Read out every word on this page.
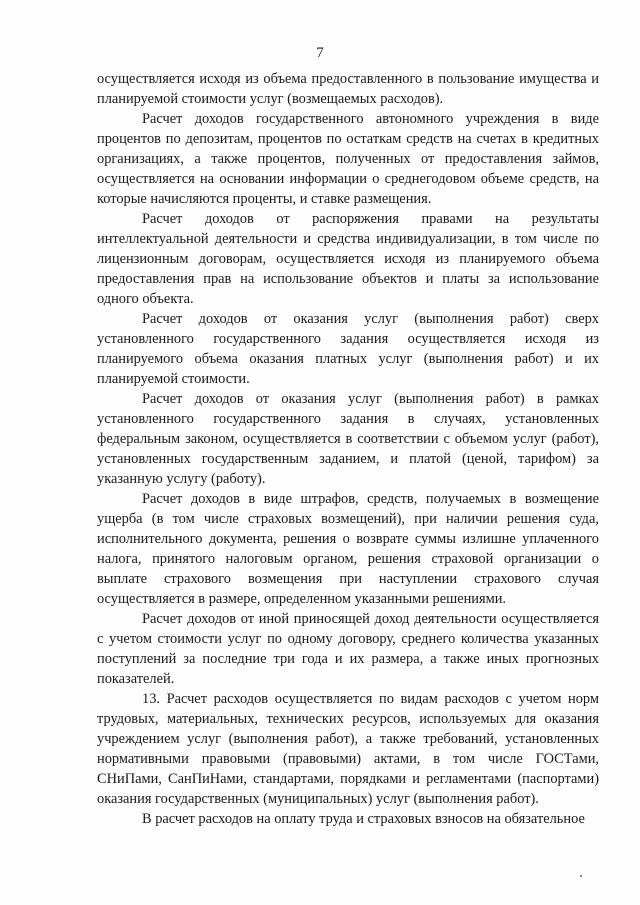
7

осуществляется исходя из объема предоставленного в пользование имущества и планируемой стоимости услуг (возмещаемых расходов).

Расчет доходов государственного автономного учреждения в виде процентов по депозитам, процентов по остаткам средств на счетах в кредитных организациях, а также процентов, полученных от предоставления займов, осуществляется на основании информации о среднегодовом объеме средств, на которые начисляются проценты, и ставке размещения.

Расчет доходов от распоряжения правами на результаты интеллектуальной деятельности и средства индивидуализации, в том числе по лицензионным договорам, осуществляется исходя из планируемого объема предоставления прав на использование объектов и платы за использование одного объекта.

Расчет доходов от оказания услуг (выполнения работ) сверх установленного государственного задания осуществляется исходя из планируемого объема оказания платных услуг (выполнения работ) и их планируемой стоимости.

Расчет доходов от оказания услуг (выполнения работ) в рамках установленного государственного задания в случаях, установленных федеральным законом, осуществляется в соответствии с объемом услуг (работ), установленных государственным заданием, и платой (ценой, тарифом) за указанную услугу (работу).

Расчет доходов в виде штрафов, средств, получаемых в возмещение ущерба (в том числе страховых возмещений), при наличии решения суда, исполнительного документа, решения о возврате суммы излишне уплаченного налога, принятого налоговым органом, решения страховой организации о выплате страхового возмещения при наступлении страхового случая осуществляется в размере, определенном указанными решениями.

Расчет доходов от иной приносящей доход деятельности осуществляется с учетом стоимости услуг по одному договору, среднего количества указанных поступлений за последние три года и их размера, а также иных прогнозных показателей.

13. Расчет расходов осуществляется по видам расходов с учетом норм трудовых, материальных, технических ресурсов, используемых для оказания учреждением услуг (выполнения работ), а также требований, установленных нормативными правовыми (правовыми) актами, в том числе ГОСТами, СНиПами, СанПиНами, стандартами, порядками и регламентами (паспортами) оказания государственных (муниципальных) услуг (выполнения работ).

В расчет расходов на оплату труда и страховых взносов на обязательное
